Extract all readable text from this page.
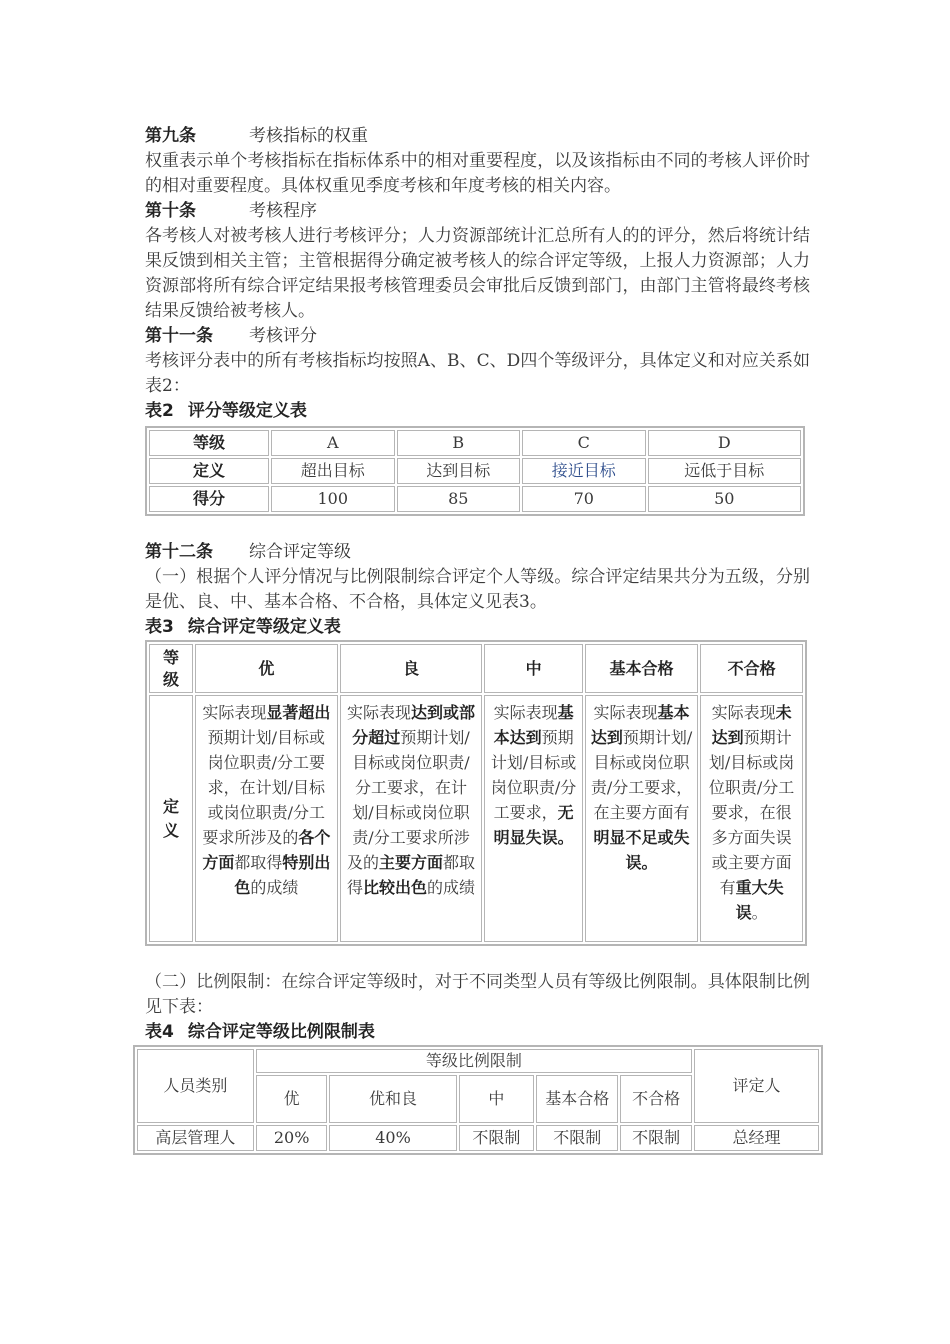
第九条	考核指标的权重
权重表示单个考核指标在指标体系中的相对重要程度，以及该指标由不同的考核人评价时的相对重要程度。具体权重见季度考核和年度考核的相关内容。
第十条	考核程序
各考核人对被考核人进行考核评分；人力资源部统计汇总所有人的的评分，然后将统计结果反馈到相关主管；主管根据得分确定被考核人的综合评定等级，上报人力资源部；人力资源部将所有综合评定结果报考核管理委员会审批后反馈到部门，由部门主管将最终考核结果反馈给被考核人。
第十一条 考核评分
考核评分表中的所有考核指标均按照A、B、C、D四个等级评分，具体定义和对应关系如表2：
表2 评分等级定义表
等级	A	B	C	D
定义	超出目标	达到目标	接近目标	远低于目标
得分	100	85	70	50
第十二条 综合评定等级
（一）根据个人评分情况与比例限制综合评定个人等级。综合评定结果共分为五级，分别是优、良、中、基本合格、不合格，具体定义见表3。
表3 综合评定等级定义表
等级	优	良	中	基本合格	不合格
定义	实际表现显著超出预期计划/目标或岗位职责/分工要求，在计划/目标或岗位职责/分工要求所涉及的各个方面都取得特别出色的成绩	实际表现达到或部分超过预期计划/目标或岗位职责/分工要求，在计划/目标或岗位职责/分工要求所涉及的主要方面都取得比较出色的成绩	实际表现基本达到预期计划/目标或岗位职责/分工要求，无明显失误。	实际表现基本达到预期计划/目标或岗位职责/分工要求，在主要方面有明显不足或失误。	实际表现未达到预期计划/目标或岗位职责/分工要求，在很多方面失误或主要方面有重大失误。
（二）比例限制：在综合评定等级时，对于不同类型人员有等级比例限制。具体限制比例见下表：
表4 综合评定等级比例限制表
人员类别	等级比例限制					评定人
	优	优和良	中	基本合格	不合格	
高层管理人	20%	40%	不限制	不限制	不限制	总经理
